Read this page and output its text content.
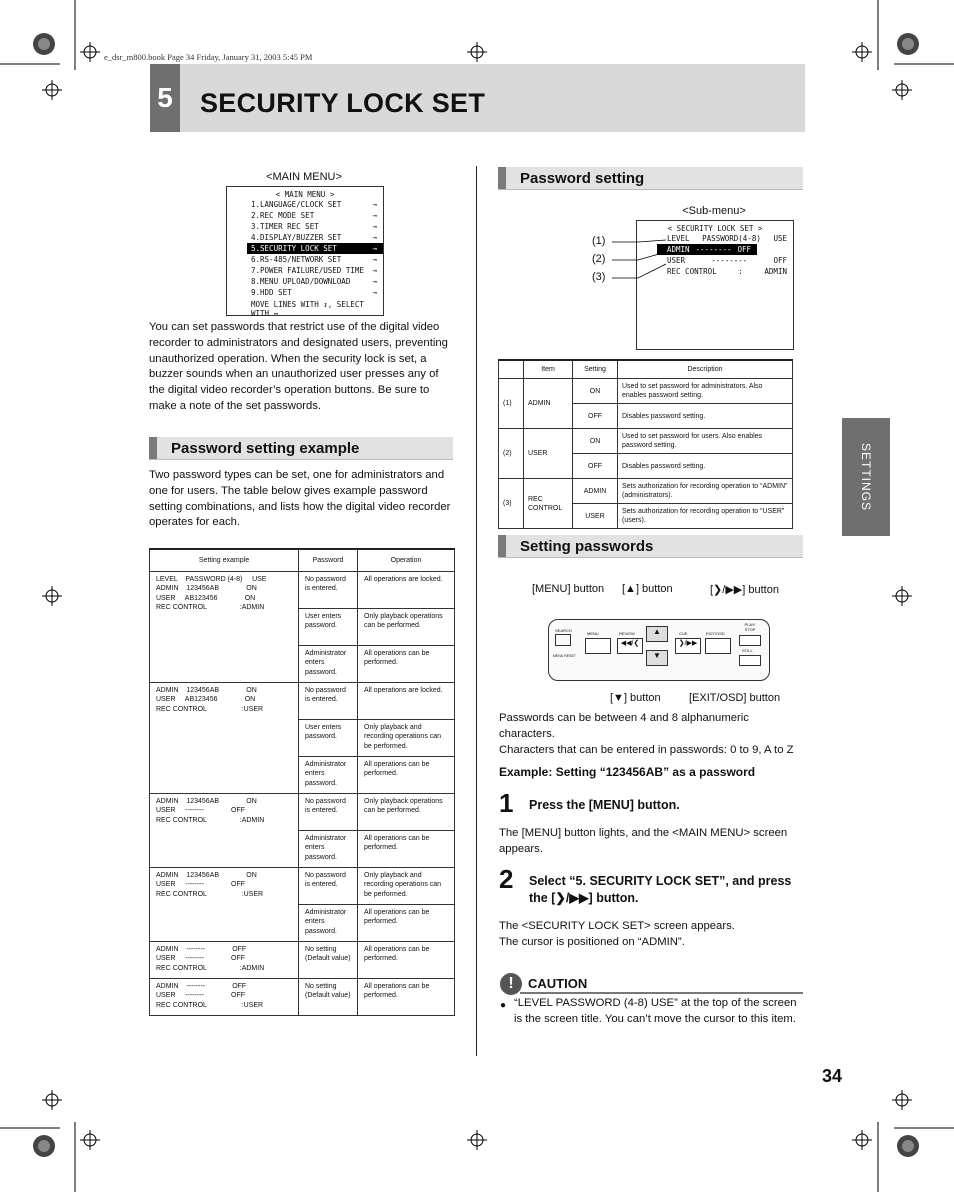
e_dsr_m800.book Page 34 Friday, January 31, 2003 5:45 PM
5 SECURITY LOCK SET
SETTINGS
34
<MAIN MENU>
< MAIN MENU >
1.LANGUAGE/CLOCK SET	→
2.REC MODE SET	→
3.TIMER REC SET	→
4.DISPLAY/BUZZER SET	→
5.SECURITY LOCK SET	→
6.RS-485/NETWORK SET	→
7.POWER FAILURE/USED TIME →
8.MENU UPLOAD/DOWNLOAD	→
9.HDD SET	→
MOVE LINES WITH ↕, SELECT WITH ↔
You can set passwords that restrict use of the digital video recorder to administrators and designated users, preventing unauthorized operation. When the security lock is set, a buzzer sounds when an unauthorized user presses any of the digital video recorder’s operation buttons. Be sure to make a note of the set passwords.
Password setting example
Two password types can be set, one for administrators and one for users. The table below gives example password setting combinations, and lists how the digital video recorder operates for each.
Setting example	Password	Operation
LEVEL    PASSWORD (4-8)     USE
ADMIN    123456AB              ON
USER     AB123456              ON
REC CONTROL                 :ADMIN	No password is entered.	All operations are locked.
	User enters password.	Only playback operations can be performed.
	Administrator enters password.	All operations can be performed.
ADMIN    123456AB              ON
USER     AB123456              ON
REC CONTROL                  :USER	No password is entered.	All operations are locked.
	User enters password.	Only playback and recording operations can be performed.
	Administrator enters password.	All operations can be performed.
ADMIN    123456AB              ON
USER     --------              OFF
REC CONTROL                 :ADMIN	No password is entered.	Only playback operations can be performed.
	Administrator enters password.	All operations can be performed.
ADMIN    123456AB              ON
USER     --------              OFF
REC CONTROL                  :USER	No password is entered.	Only playback and recording operations can be performed.
	Administrator enters password.	All operations can be performed.
ADMIN    --------              OFF
USER     --------              OFF
REC CONTROL                 :ADMIN	No setting (Default value)	All operations can be performed.
ADMIN    --------              OFF
USER     --------              OFF
REC CONTROL                  :USER	No setting (Default value)	All operations can be performed.
Password setting
<Sub-menu>
< SECURITY LOCK SET >
LEVEL PASSWORD(4-8) USE
ADMIN -------- OFF
USER	--------	OFF
REC CONTROL	:	ADMIN
(1)
(2)
(3)
	Item	Setting	Description
(1)	ADMIN	ON	Used to set password for administrators. Also enables password setting.
		OFF	Disables password setting.
(2)	USER	ON	Used to set password for users. Also enables password setting.
		OFF	Disables password setting.
(3)	REC CONTROL	ADMIN	Sets authorization for recording operation to “ADMIN” (administrators).
		USER	Sets authorization for recording operation to “USER” (users).
Setting passwords
[MENU] button [▲] button	[❯/▶▶] button
[▼] button	[EXIT/OSD] button
SEARCH
MENU RESET
MENU	REVIEW
◀◀/❮
▲
▼
CUE
❯/▶▶
EXIT/OSD
PLAY/ STOP
STILL
Passwords can be between 4 and 8 alphanumeric characters.
Characters that can be entered in passwords: 0 to 9, A to Z
Example: Setting “123456AB” as a password
1 Press the [MENU] button.
The [MENU] button lights, and the <MAIN MENU> screen appears.
2 Select “5. SECURITY LOCK SET”, and press the [❯/▶▶] button.
The <SECURITY LOCK SET> screen appears.
The cursor is positioned on “ADMIN”.
!	CAUTION
● “LEVEL PASSWORD (4-8) USE” at the top of the screen is the screen title. You can’t move the cursor to this item.
